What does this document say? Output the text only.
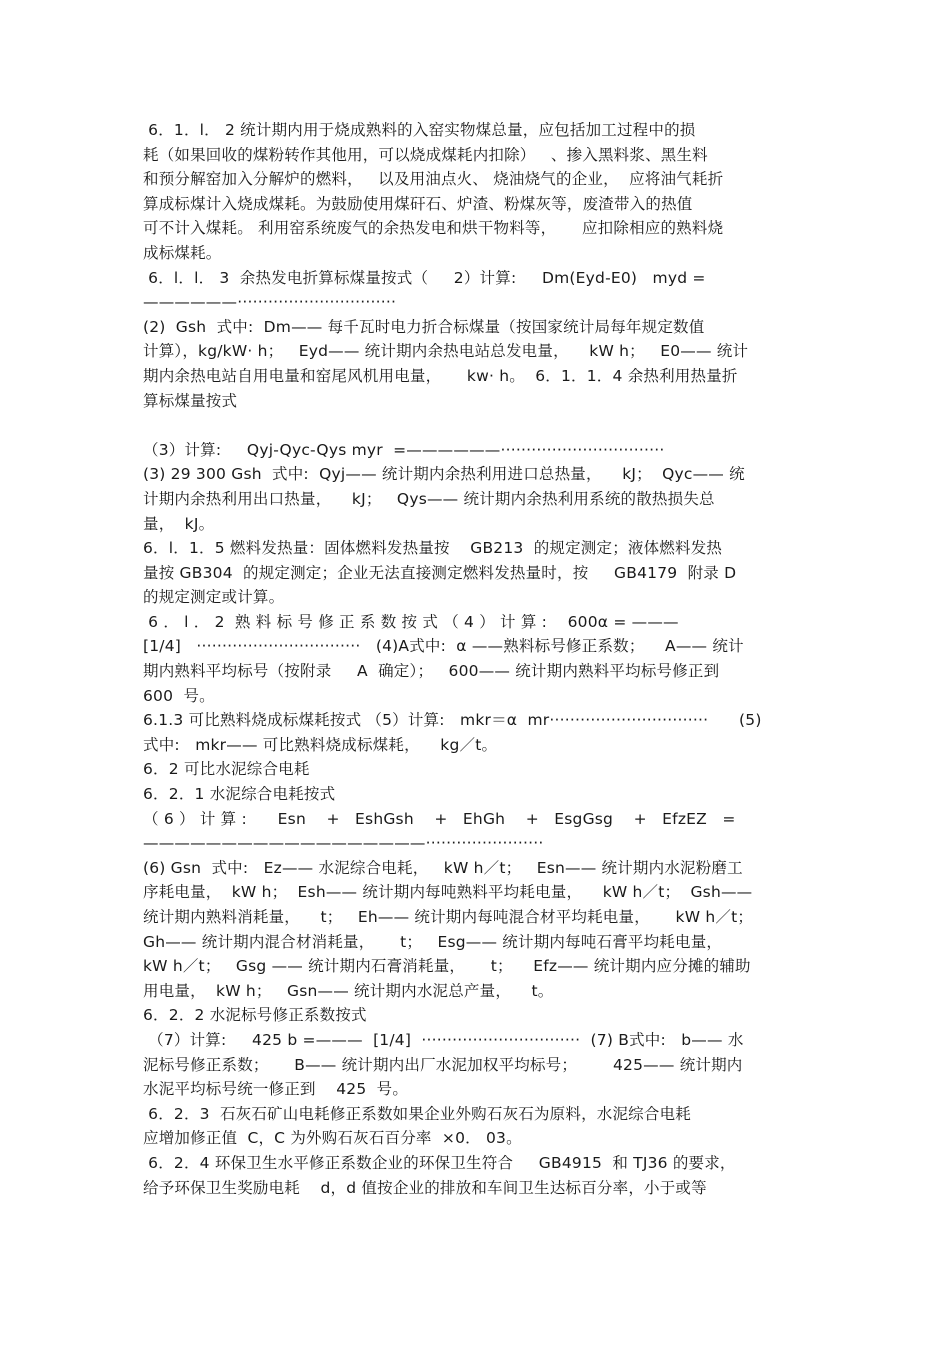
6．1．l． 2 统计期内用于烧成熟料的入窑实物煤总量，应包括加工过程中的损
耗（如果回收的煤粉转作其他用，可以烧成煤耗内扣除）   、掺入黑料浆、黑生料
和预分解窑加入分解炉的燃料，   以及用油点火、 烧油烧气的企业，  应将油气耗折
算成标煤计入烧成煤耗。为鼓励使用煤矸石、炉渣、粉煤灰等，废渣带入的热值
可不计入煤耗。 利用窑系统废气的余热发电和烘干物料等，     应扣除相应的熟料烧
成标煤耗。
6．l．l． 3  余热发电折算标煤量按式（     2）计算:     Dm(Eyd-E0)   myd =
——————·······························
(2)  Gsh  式中:  Dm—— 每千瓦时电力折合标煤量（按国家统计局每年规定数值
计算），kg/kW· h；   Eyd—— 统计期内余热电站总发电量，    kW h；   E0—— 统计
期内余热电站自用电量和窑尾风机用电量，     kw· h。  6．1．1．4 余热利用热量折
算标煤量按式
（3）计算:     Qyj-Qyc-Qys myr  =——————································
(3) 29 300 Gsh  式中:  Qyj—— 统计期内余热利用进口总热量，    kJ；  Qyc—— 统
计期内余热利用出口热量，    kJ；   Qys—— 统计期内余热利用系统的散热损失总
量，  kJ。
6．l．1．5 燃料发热量：固体燃料发热量按    GB213  的规定测定；液体燃料发热
量按 GB304  的规定测定；企业无法直接测定燃料发热量时，按     GB4179  附录 D
的规定测定或计算。
6 ． l ． 2  熟 料 标 号 修 正 系 数 按 式 （ 4 ） 计 算 :    600α = ———
[1/4]   ································   (4)A式中:  α ——熟料标号修正系数；    A—— 统计
期内熟料平均标号（按附录     A  确定）；   600—— 统计期内熟料平均标号修正到
600  号。
6.1.3 可比熟料烧成标煤耗按式 （5）计算:   mkr＝α  mr·······························      (5)
式中:   mkr—— 可比熟料烧成标煤耗，    kg／t。
6．2 可比水泥综合电耗
6．2．1 水泥综合电耗按式
（ 6 ） 计 算 :      Esn    +   EshGsh    +   EhGh    +   EsgGsg    +   EfzEZ   =
——————————————————·······················
(6) Gsn  式中:   Ez—— 水泥综合电耗，   kW h／t；   Esn—— 统计期内水泥粉磨工
序耗电量，  kW h；  Esh—— 统计期内每吨熟料平均耗电量，    kW h／t；  Gsh——
统计期内熟料消耗量，    t；   Eh—— 统计期内每吨混合材平均耗电量，     kW h／t；
Gh—— 统计期内混合材消耗量，     t；   Esg—— 统计期内每吨石膏平均耗电量，
kW h／t；   Gsg —— 统计期内石膏消耗量，     t；    Efz—— 统计期内应分摊的辅助
用电量，  kW h；   Gsn—— 统计期内水泥总产量，    t。
6．2．2 水泥标号修正系数按式
（7）计算:     425 b =———  [1/4]  ·······························  (7) B式中:   b—— 水
泥标号修正系数；     B—— 统计期内出厂水泥加权平均标号；       425—— 统计期内
水泥平均标号统一修正到    425  号。
6．2．3  石灰石矿山电耗修正系数如果企业外购石灰石为原料，水泥综合电耗
应增加修正值  C，C 为外购石灰石百分率  ×0． 03。
6．2．4 环保卫生水平修正系数企业的环保卫生符合     GB4915  和 TJ36 的要求，
给予环保卫生奖励电耗    d，d 值按企业的排放和车间卫生达标百分率，小于或等
